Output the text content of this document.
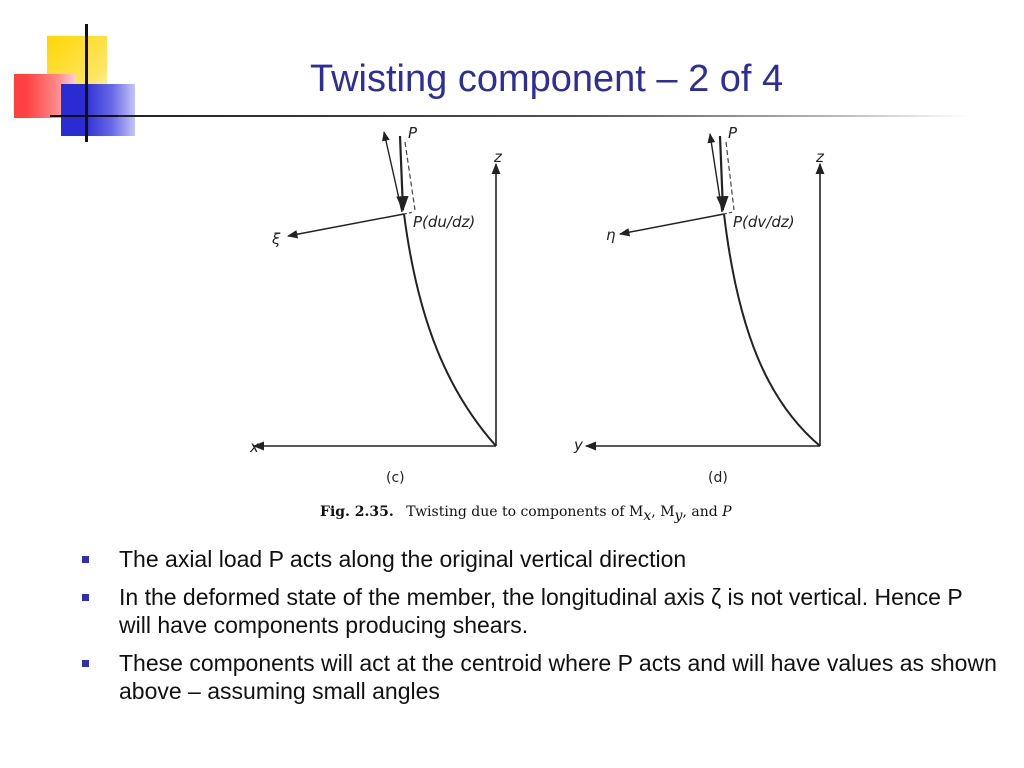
Twisting component – 2 of 4
P
P(du/dz)
ξ
z
x
(c)
P
P(dv/dz)
η
z
y
(d)
Fig. 2.35. Twisting due to components of Mx, My, and P
The axial load P acts along the original vertical direction
In the deformed state of the member, the longitudinal axis ζ is not vertical. Hence P will have components producing shears.
These components will act at the centroid where P acts and will have values as shown above – assuming small angles
